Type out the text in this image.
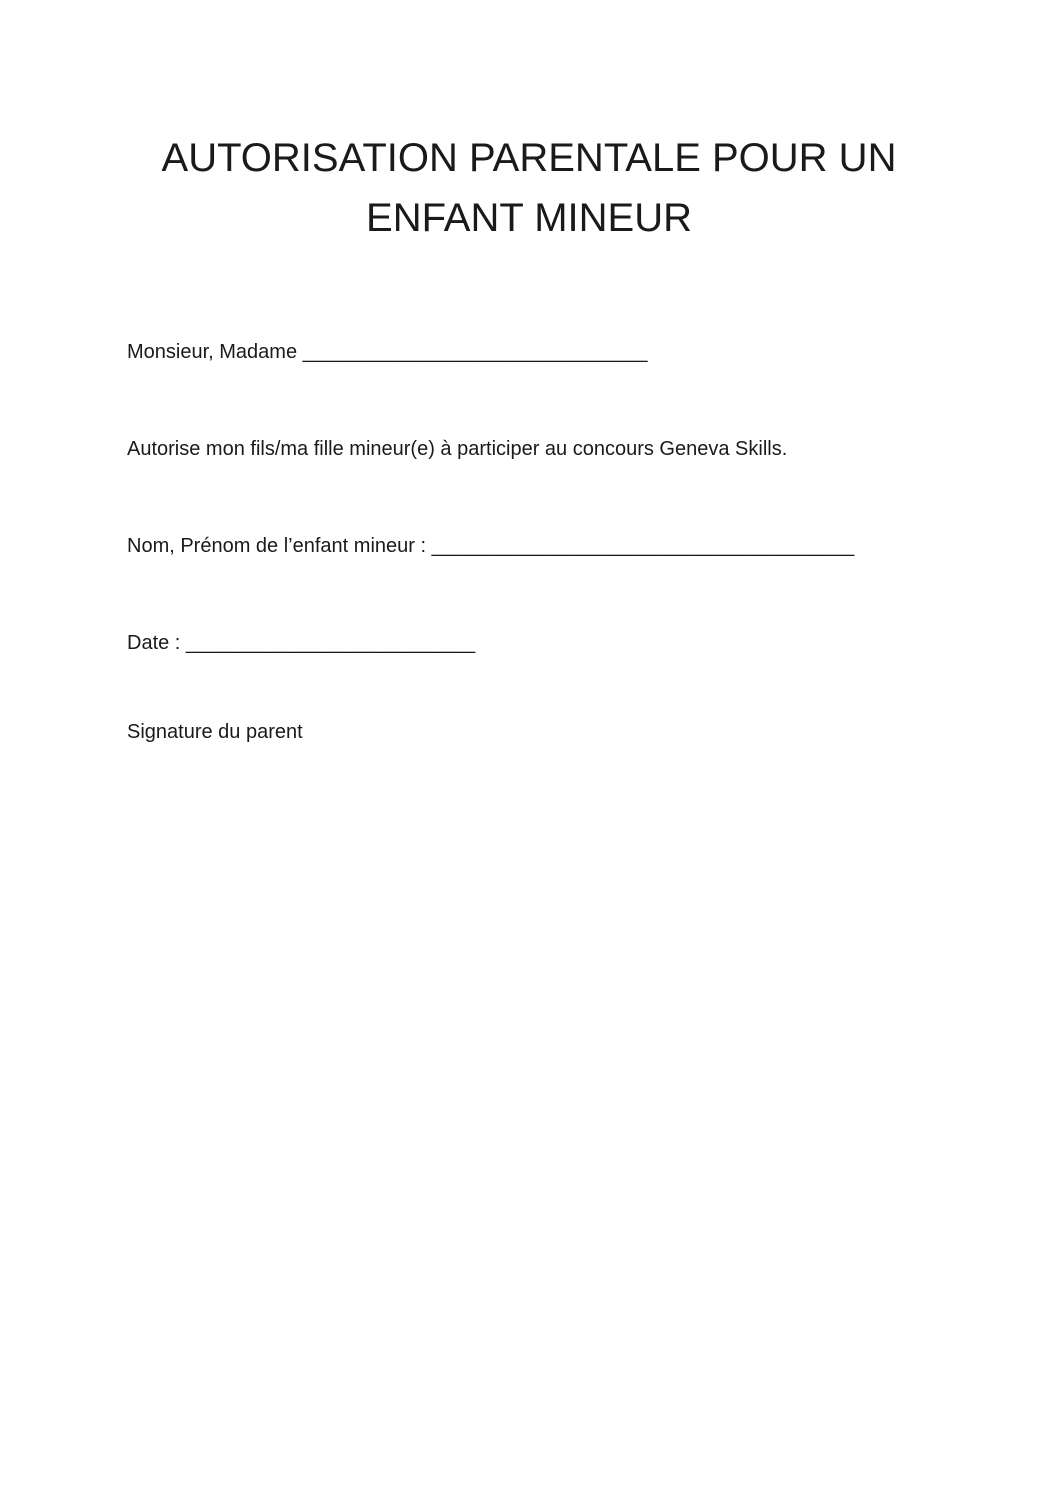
AUTORISATION PARENTALE POUR UN ENFANT MINEUR

Monsieur, Madame _______________________________

Autorise mon fils/ma fille mineur(e) à participer au concours Geneva Skills.

Nom, Prénom de l’enfant mineur : ______________________________________

Date : __________________________

Signature du parent
